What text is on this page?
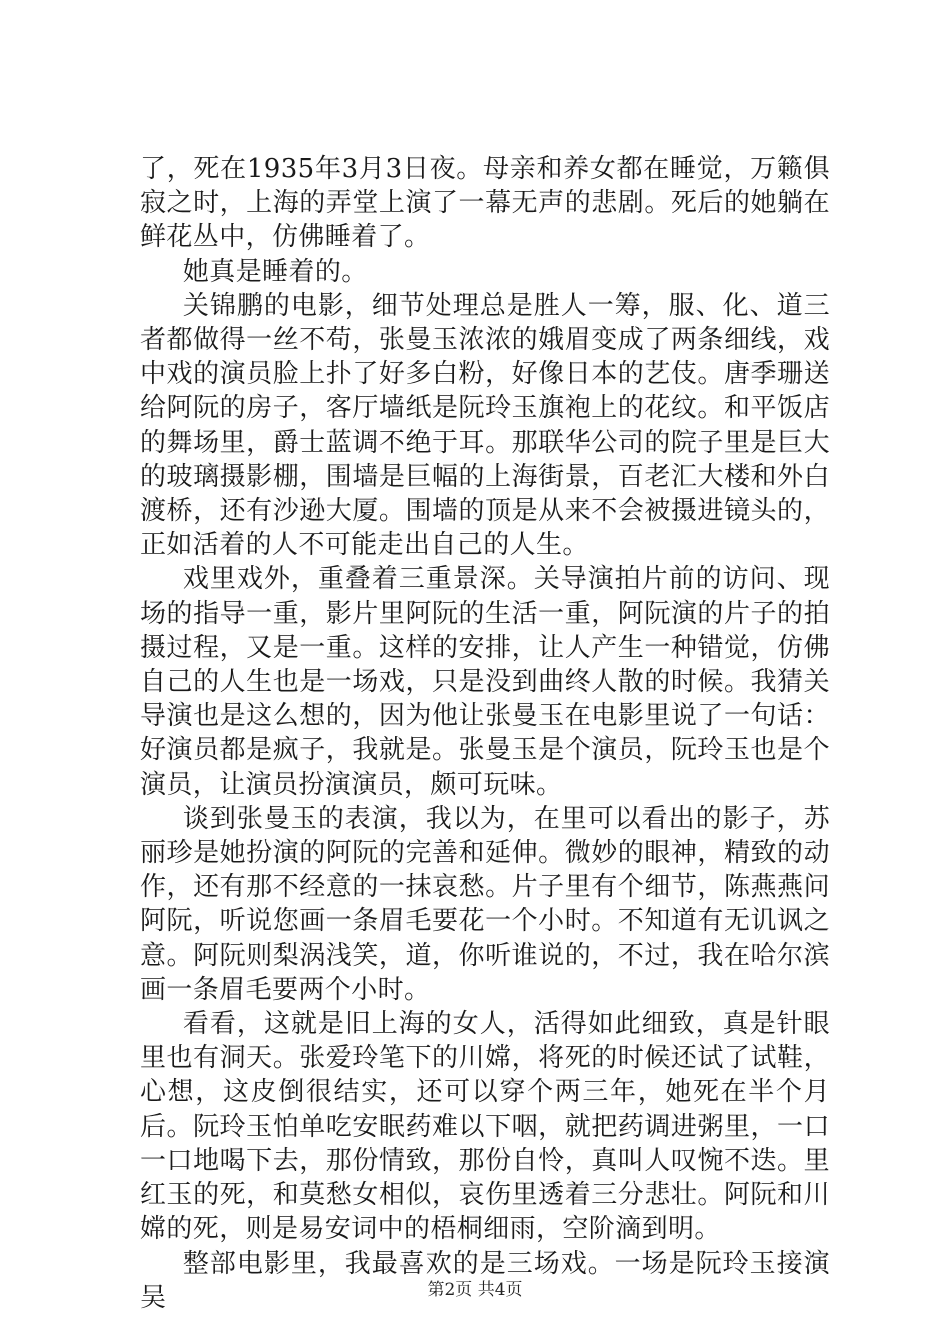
了，死在1935年3月3日夜。母亲和养女都在睡觉，万籁俱寂之时，上海的弄堂上演了一幕无声的悲剧。死后的她躺在鲜花丛中，仿佛睡着了。

她真是睡着的。

关锦鹏的电影，细节处理总是胜人一筹，服、化、道三者都做得一丝不苟，张曼玉浓浓的娥眉变成了两条细线，戏中戏的演员脸上扑了好多白粉，好像日本的艺伎。唐季珊送给阿阮的房子，客厅墙纸是阮玲玉旗袍上的花纹。和平饭店的舞场里，爵士蓝调不绝于耳。那联华公司的院子里是巨大的玻璃摄影棚，围墙是巨幅的上海街景，百老汇大楼和外白渡桥，还有沙逊大厦。围墙的顶是从来不会被摄进镜头的，正如活着的人不可能走出自己的人生。

戏里戏外，重叠着三重景深。关导演拍片前的访问、现场的指导一重，影片里阿阮的生活一重，阿阮演的片子的拍摄过程，又是一重。这样的安排，让人产生一种错觉，仿佛自己的人生也是一场戏，只是没到曲终人散的时候。我猜关导演也是这么想的，因为他让张曼玉在电影里说了一句话：好演员都是疯子，我就是。张曼玉是个演员，阮玲玉也是个演员，让演员扮演演员，颇可玩味。

谈到张曼玉的表演，我以为，在里可以看出的影子，苏丽珍是她扮演的阿阮的完善和延伸。微妙的眼神，精致的动作，还有那不经意的一抹哀愁。片子里有个细节，陈燕燕问阿阮，听说您画一条眉毛要花一个小时。不知道有无讥讽之意。阿阮则梨涡浅笑，道，你听谁说的，不过，我在哈尔滨画一条眉毛要两个小时。

看看，这就是旧上海的女人，活得如此细致，真是针眼里也有洞天。张爱玲笔下的川嫦，将死的时候还试了试鞋，心想，这皮倒很结实，还可以穿个两三年，她死在半个月后。阮玲玉怕单吃安眠药难以下咽，就把药调进粥里，一口一口地喝下去，那份情致，那份自怜，真叫人叹惋不迭。里红玉的死，和莫愁女相似，哀伤里透着三分悲壮。阿阮和川嫦的死，则是易安词中的梧桐细雨，空阶滴到明。

整部电影里，我最喜欢的是三场戏。一场是阮玲玉接演吴	第2页 共4页
